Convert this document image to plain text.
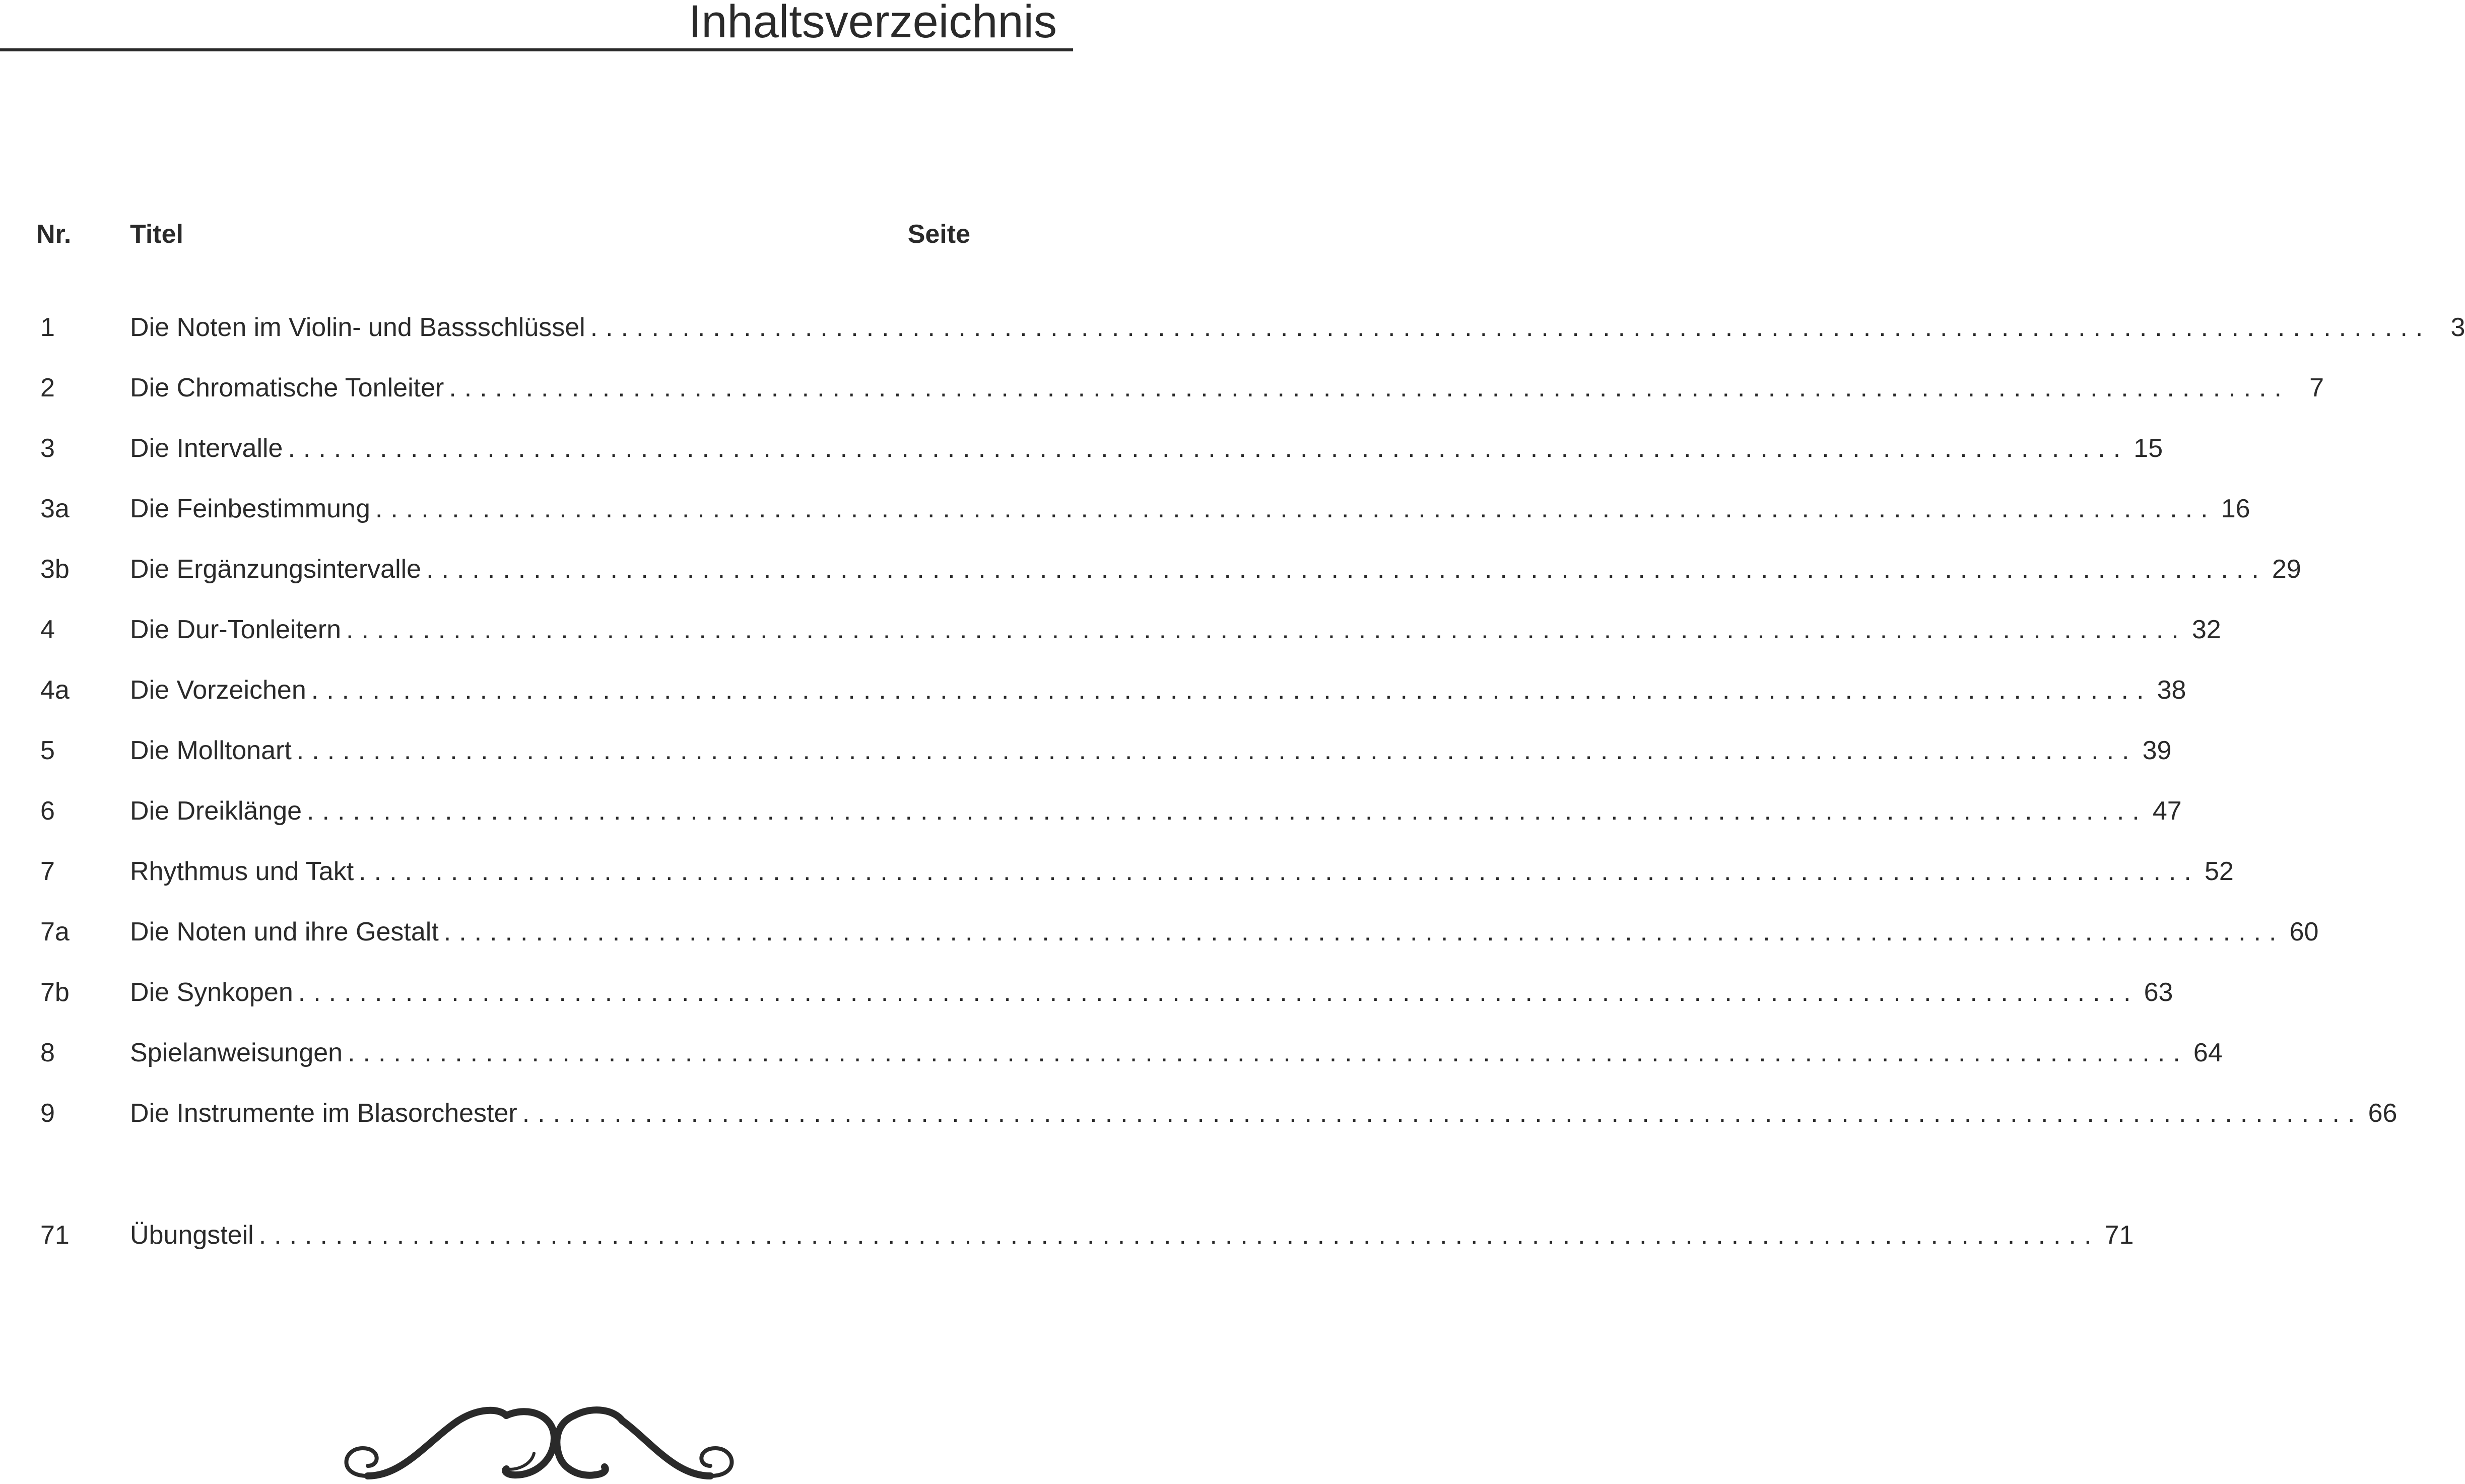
Inhaltsverzeichnis
Nr. Titel	Seite
1	Die Noten im Violin- und Bassschlüssel ........................................................................................................................ 3
2	Die Chromatische Tonleiter ........................................................................................................................ 7
3	Die Intervalle ........................................................................................................................ 15
3a Die Feinbestimmung ........................................................................................................................ 16
3b Die Ergänzungsintervalle ........................................................................................................................ 29
4	Die Dur-Tonleitern ........................................................................................................................ 32
4a Die Vorzeichen ........................................................................................................................ 38
5	Die Molltonart ........................................................................................................................ 39
6	Die Dreiklänge ........................................................................................................................ 47
7	Rhythmus und Takt ........................................................................................................................ 52
7a Die Noten und ihre Gestalt ........................................................................................................................ 60
7b Die Synkopen ........................................................................................................................ 63
8	Spielanweisungen ........................................................................................................................ 64
9	Die Instrumente im Blasorchester ........................................................................................................................ 66
71 Übungsteil ........................................................................................................................ 71
